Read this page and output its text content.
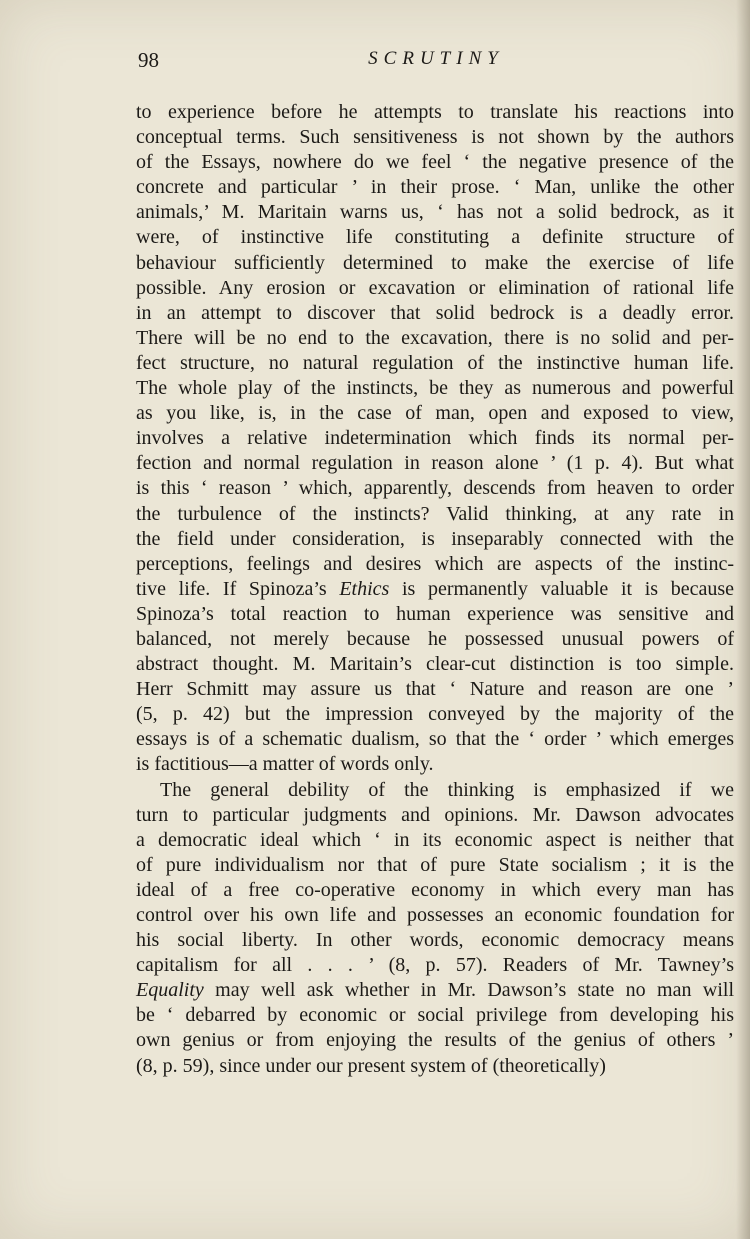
98	SCRUTINY
to experience before he attempts to translate his reactions into
conceptual terms. Such sensitiveness is not shown by the authors
of the Essays, nowhere do we feel ‘ the negative presence of the
concrete and particular ’ in their prose. ‘ Man, unlike the other
animals,’ M. Maritain warns us, ‘ has not a solid bedrock, as it
were, of instinctive life constituting a definite structure of
behaviour sufficiently determined to make the exercise of life
possible. Any erosion or excavation or elimination of rational life
in an attempt to discover that solid bedrock is a deadly error.
There will be no end to the excavation, there is no solid and per-
fect structure, no natural regulation of the instinctive human life.
The whole play of the instincts, be they as numerous and powerful
as you like, is, in the case of man, open and exposed to view,
involves a relative indetermination which finds its normal per-
fection and normal regulation in reason alone ’ (1 p. 4). But what
is this ‘ reason ’ which, apparently, descends from heaven to order
the turbulence of the instincts? Valid thinking, at any rate in
the field under consideration, is inseparably connected with the
perceptions, feelings and desires which are aspects of the instinc-
tive life. If Spinoza’s Ethics is permanently valuable it is because
Spinoza’s total reaction to human experience was sensitive and
balanced, not merely because he possessed unusual powers of
abstract thought. M. Maritain’s clear-cut distinction is too simple.
Herr Schmitt may assure us that ‘ Nature and reason are one ’
(5, p. 42) but the impression conveyed by the majority of the
essays is of a schematic dualism, so that the ‘ order ’ which emerges
is factitious—a matter of words only.
The general debility of the thinking is emphasized if we
turn to particular judgments and opinions. Mr. Dawson advocates
a democratic ideal which ‘ in its economic aspect is neither that
of pure individualism nor that of pure State socialism ; it is the
ideal of a free co-operative economy in which every man has
control over his own life and possesses an economic foundation for
his social liberty. In other words, economic democracy means
capitalism for all . . . ’ (8, p. 57). Readers of Mr. Tawney’s
Equality may well ask whether in Mr. Dawson’s state no man will
be ‘ debarred by economic or social privilege from developing his
own genius or from enjoying the results of the genius of others ’
(8, p. 59), since under our present system of (theoretically)
